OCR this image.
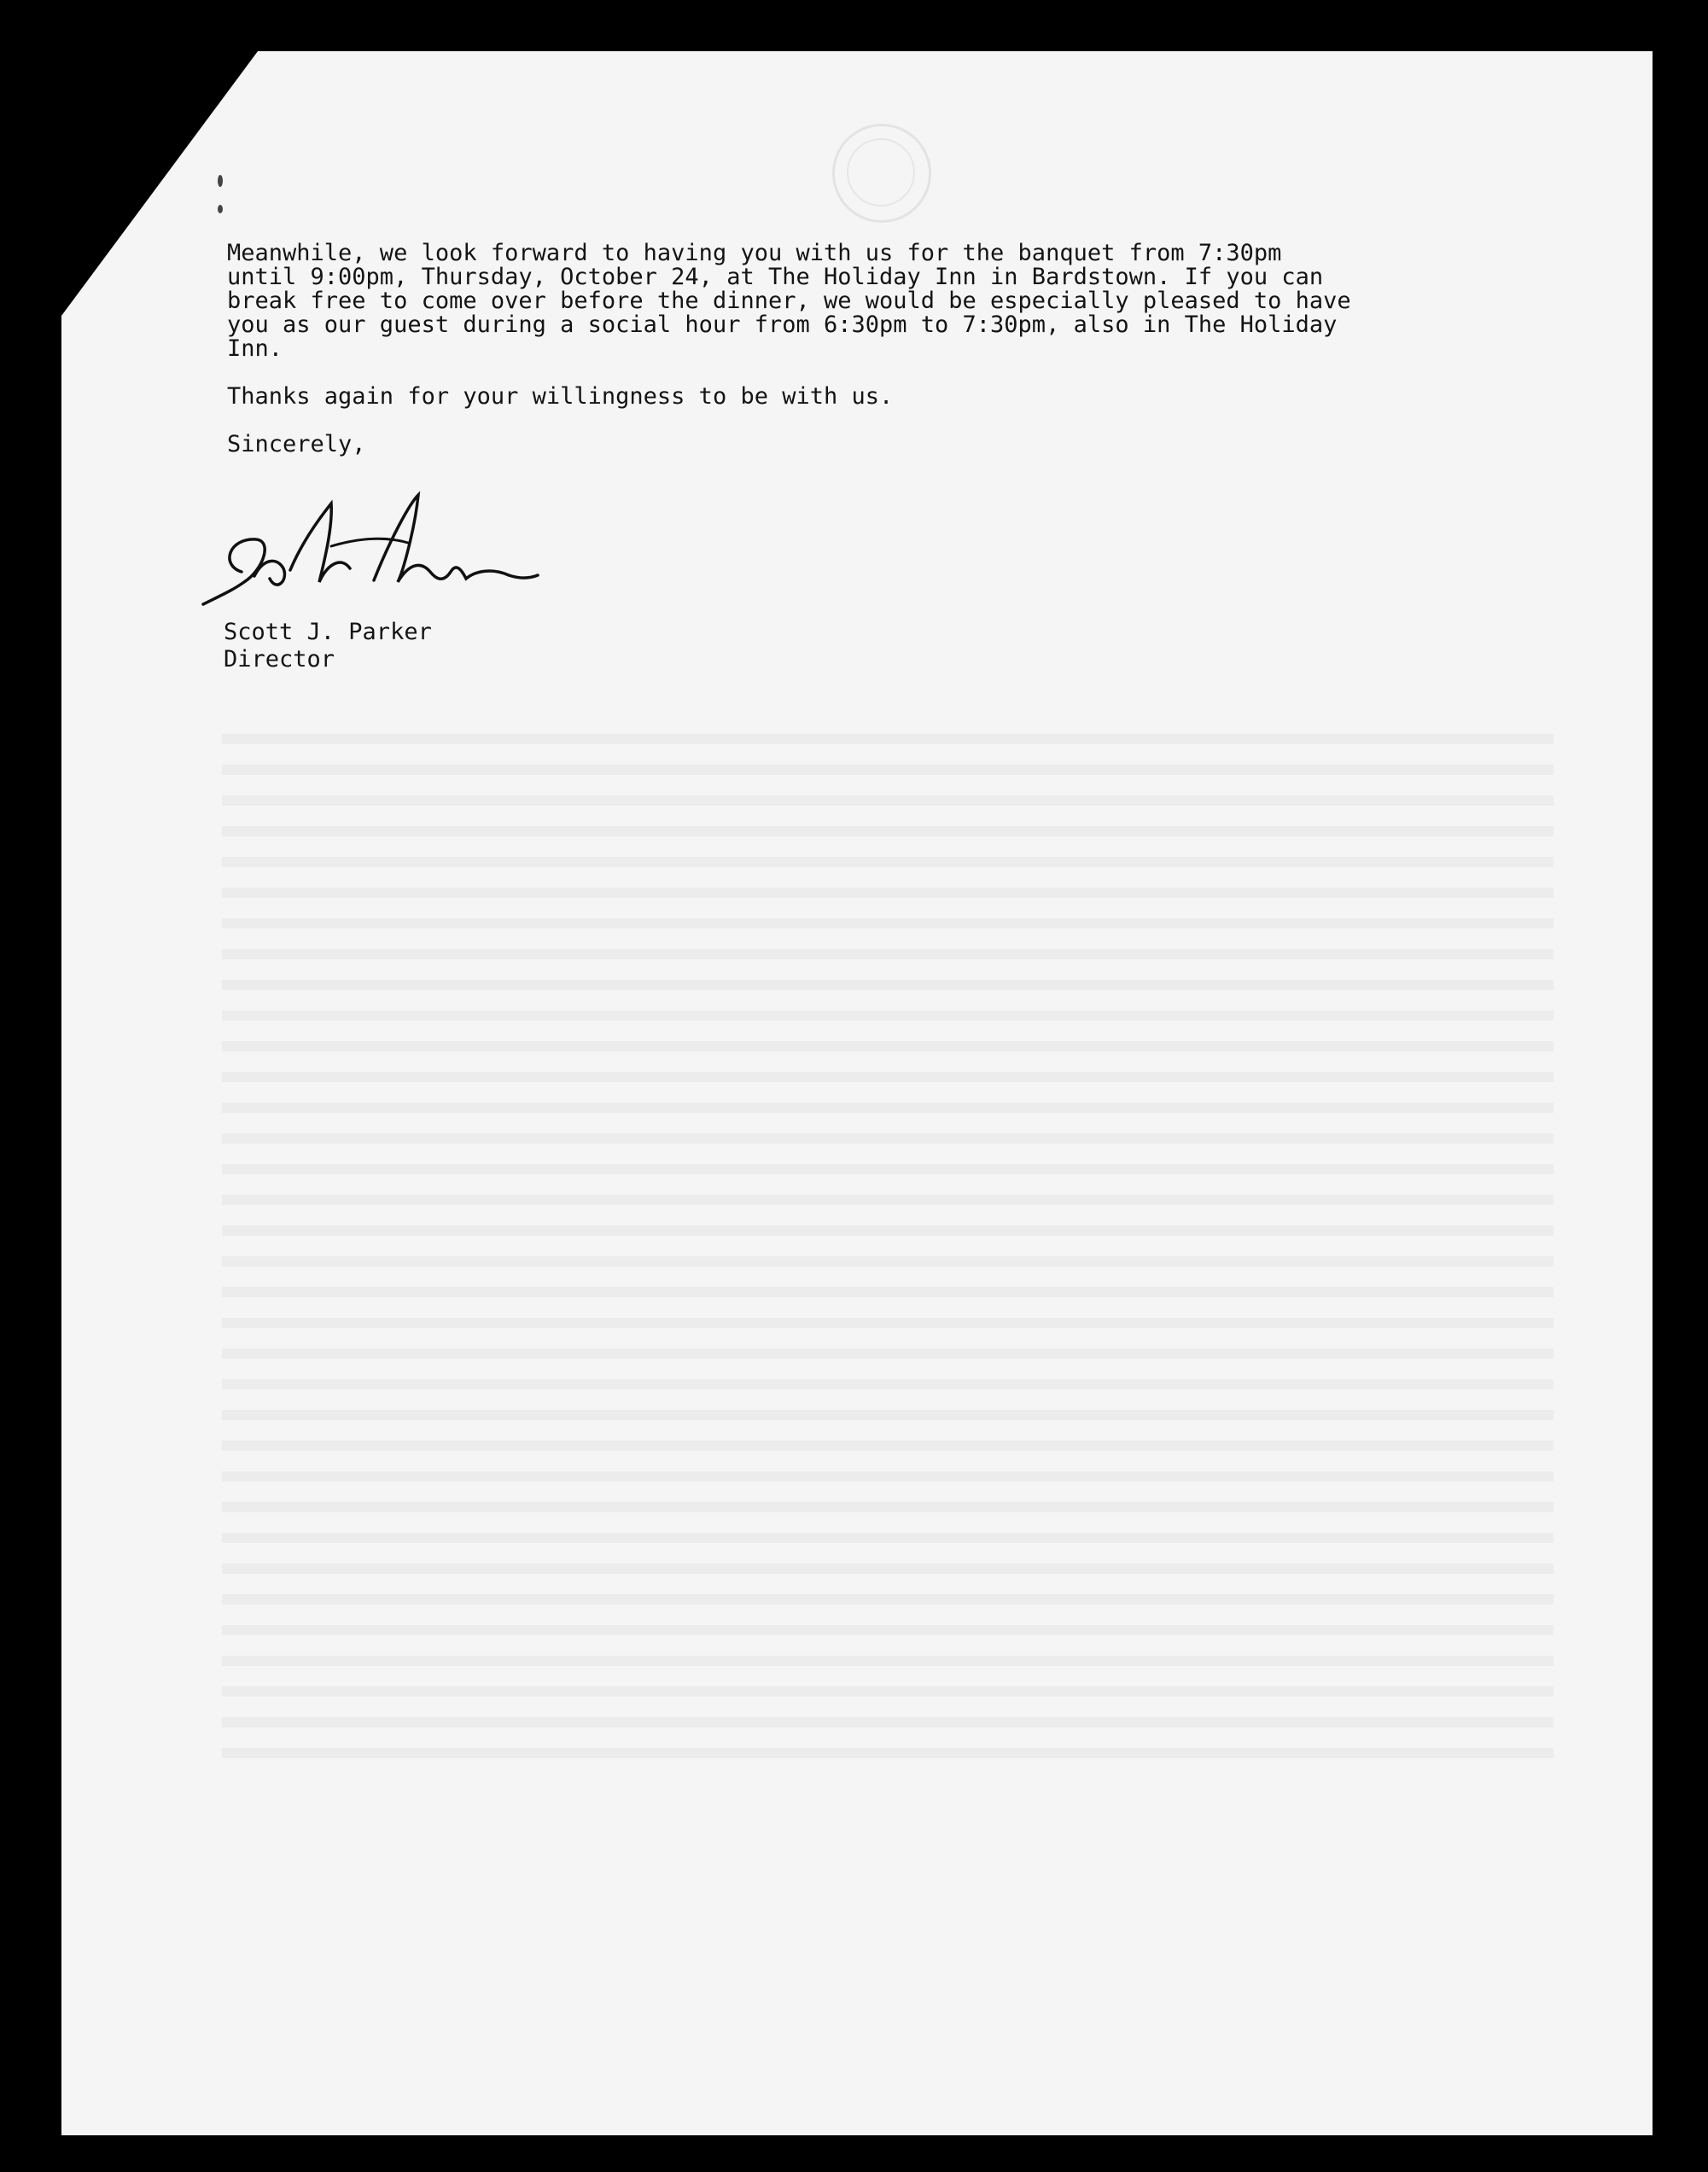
Meanwhile, we look forward to having you with us for the banquet from 7:30pm
until 9:00pm, Thursday, October 24, at The Holiday Inn in Bardstown. If you can
break free to come over before the dinner, we would be especially pleased to have
you as our guest during a social hour from 6:30pm to 7:30pm, also in The Holiday
Inn.

Thanks again for your willingness to be with us.

Sincerely,

Scott J. Parker
Director
